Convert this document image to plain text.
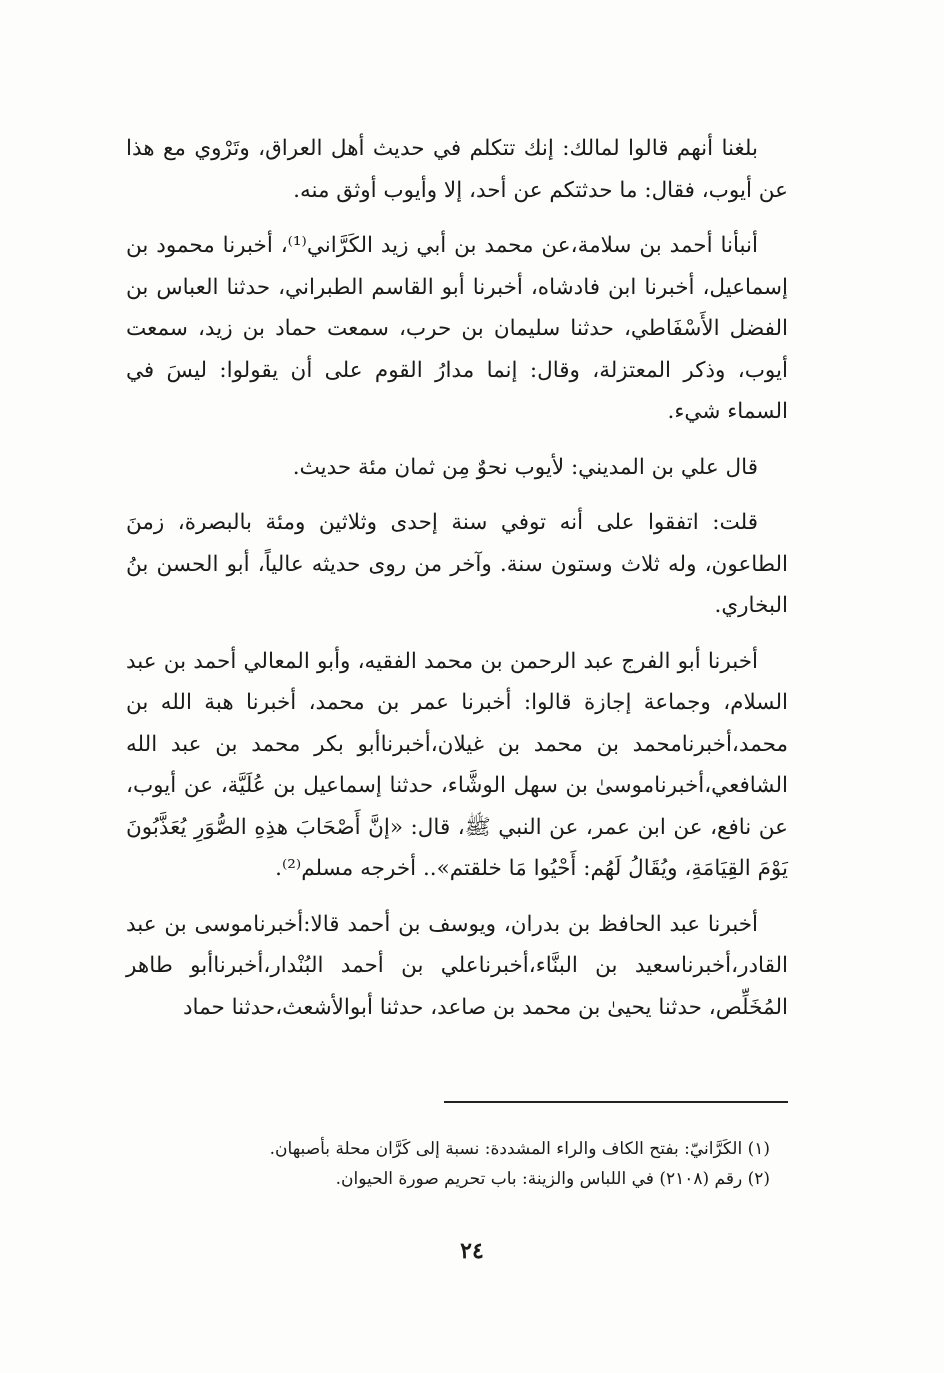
بلغنا أنهم قالوا لمالك: إنك تتكلم في حديث أهل العراق، وتَرْوي مع هذا عن أيوب، فقال: ما حدثتكم عن أحد، إلا وأيوب أوثق منه.

أنبأنا أحمد بن سلامة،عن محمد بن أبي زيد الكَرَّاني⁽¹⁾، أخبرنا محمود بن إسماعيل، أخبرنا ابن فادشاه، أخبرنا أبو القاسم الطبراني، حدثنا العباس بن الفضل الأَسْفَاطي، حدثنا سليمان بن حرب، سمعت حماد بن زيد، سمعت أيوب، وذكر المعتزلة، وقال: إنما مدارُ القوم على أن يقولوا: ليسَ في السماء شيء.

قال علي بن المديني: لأيوب نحوٌ مِن ثمان مئة حديث.

قلت: اتفقوا على أنه توفي سنة إحدى وثلاثين ومئة بالبصرة، زمنَ الطاعون، وله ثلاث وستون سنة. وآخر من روى حديثه عالياً، أبو الحسن بنُ البخاري.

أخبرنا أبو الفرج عبد الرحمن بن محمد الفقيه، وأبو المعالي أحمد بن عبد السلام، وجماعة إجازة قالوا: أخبرنا عمر بن محمد، أخبرنا هبة الله بن محمد،أخبرنامحمد بن محمد بن غيلان،أخبرناأبو بكر محمد بن عبد الله الشافعي،أخبرناموسىٰ بن سهل الوشَّاء، حدثنا إسماعيل بن عُلَيَّة، عن أيوب، عن نافع، عن ابن عمر، عن النبي ﷺ، قال: «إنَّ أَصْحَابَ هذِهِ الصُّوَرِ يُعَذَّبُونَ يَوْمَ القِيَامَةِ، ويُقَالُ لَهُم: أَحْيُوا مَا خلقتم».. أخرجه مسلم⁽²⁾.

أخبرنا عبد الحافظ بن بدران، ويوسف بن أحمد قالا:أخبرناموسى بن عبد القادر،أخبرناسعيد بن البنَّاء،أخبرناعلي بن أحمد البُنْدار،أخبرناأبو طاهر المُخَلِّص، حدثنا يحيىٰ بن محمد بن صاعد، حدثنا أبوالأشعث،حدثنا حماد

(١) الكَرَّانيّ: بفتح الكاف والراء المشددة: نسبة إلى كَرَّان محلة بأصبهان.

(٢) رقم (٢١٠٨) في اللباس والزينة: باب تحريم صورة الحيوان.

٢٤
